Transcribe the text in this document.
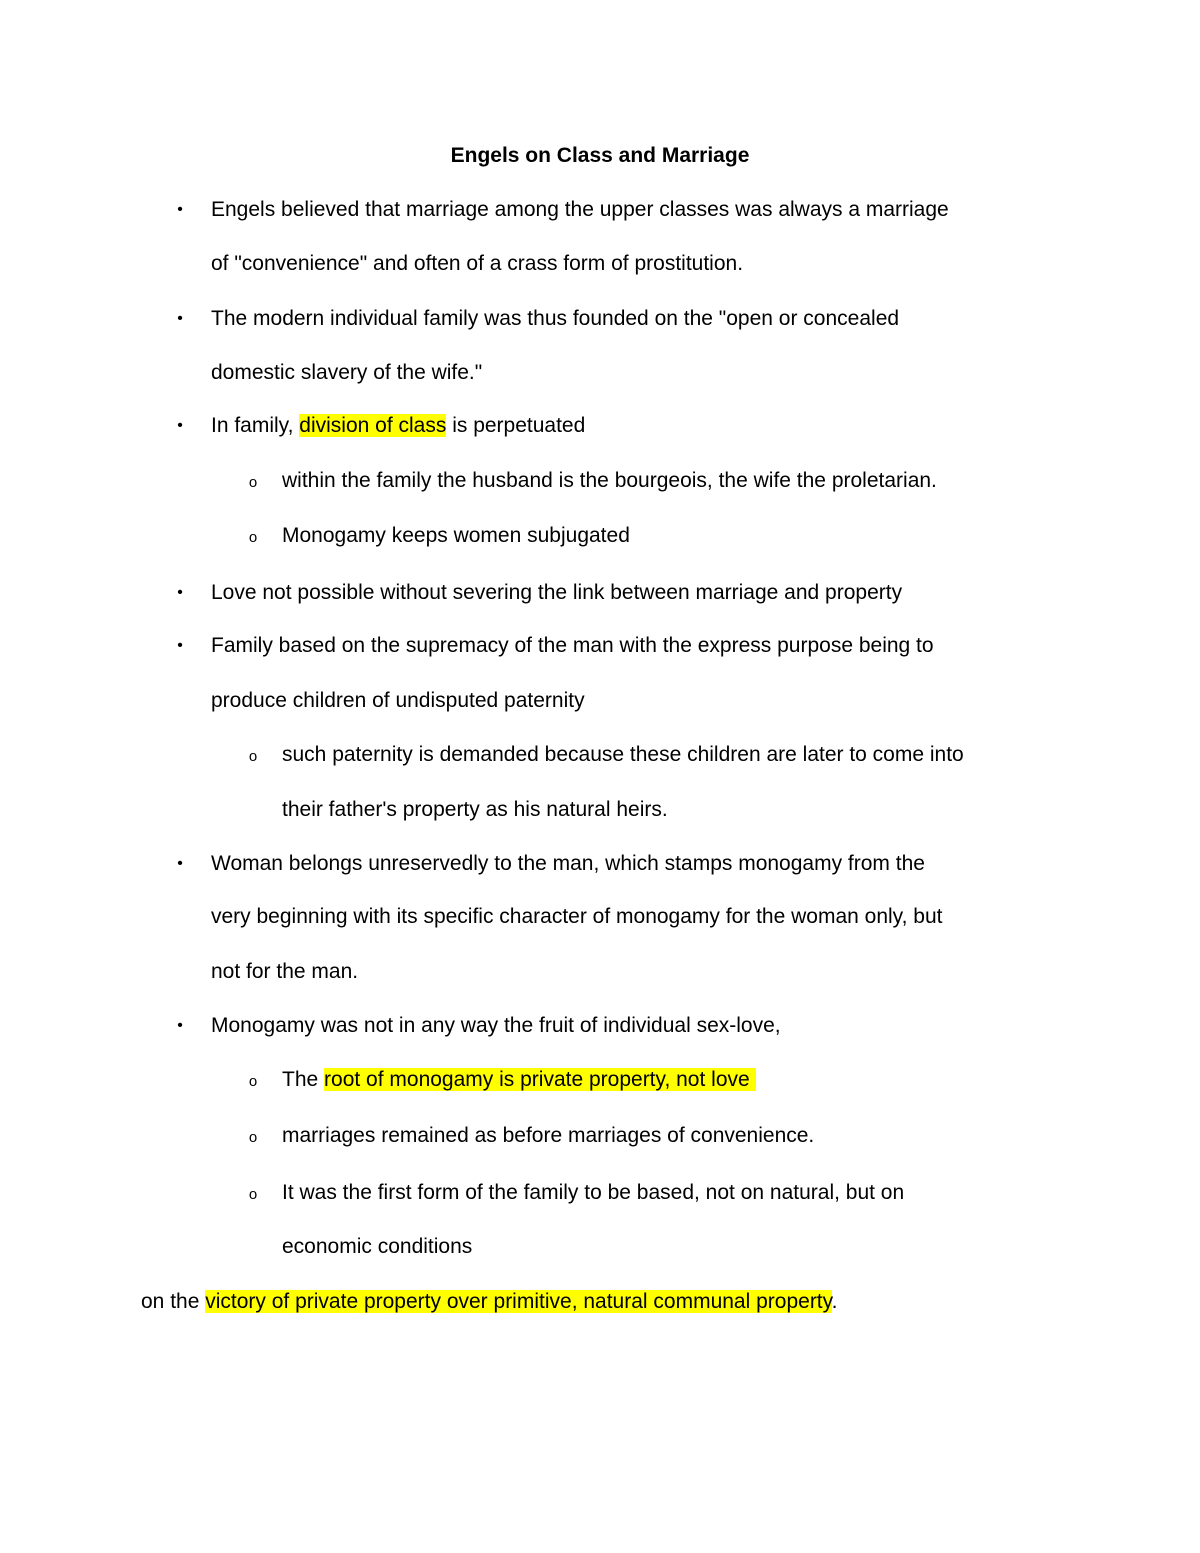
Engels on Class and Marriage
• Engels believed that marriage among the upper classes was always a marriage
of "convenience" and often of a crass form of prostitution.
• The modern individual family was thus founded on the "open or concealed
domestic slavery of the wife."
• In family, division of class is perpetuated
o within the family the husband is the bourgeois, the wife the proletarian.
o Monogamy keeps women subjugated
• Love not possible without severing the link between marriage and property
• Family based on the supremacy of the man with the express purpose being to
produce children of undisputed paternity
o such paternity is demanded because these children are later to come into
their father's property as his natural heirs.
• Woman belongs unreservedly to the man, which stamps monogamy from the
very beginning with its specific character of monogamy for the woman only, but
not for the man.
• Monogamy was not in any way the fruit of individual sex-love,
o The root of monogamy is private property, not love
o marriages remained as before marriages of convenience.
o It was the first form of the family to be based, not on natural, but on
economic conditions
on the victory of private property over primitive, natural communal property.
